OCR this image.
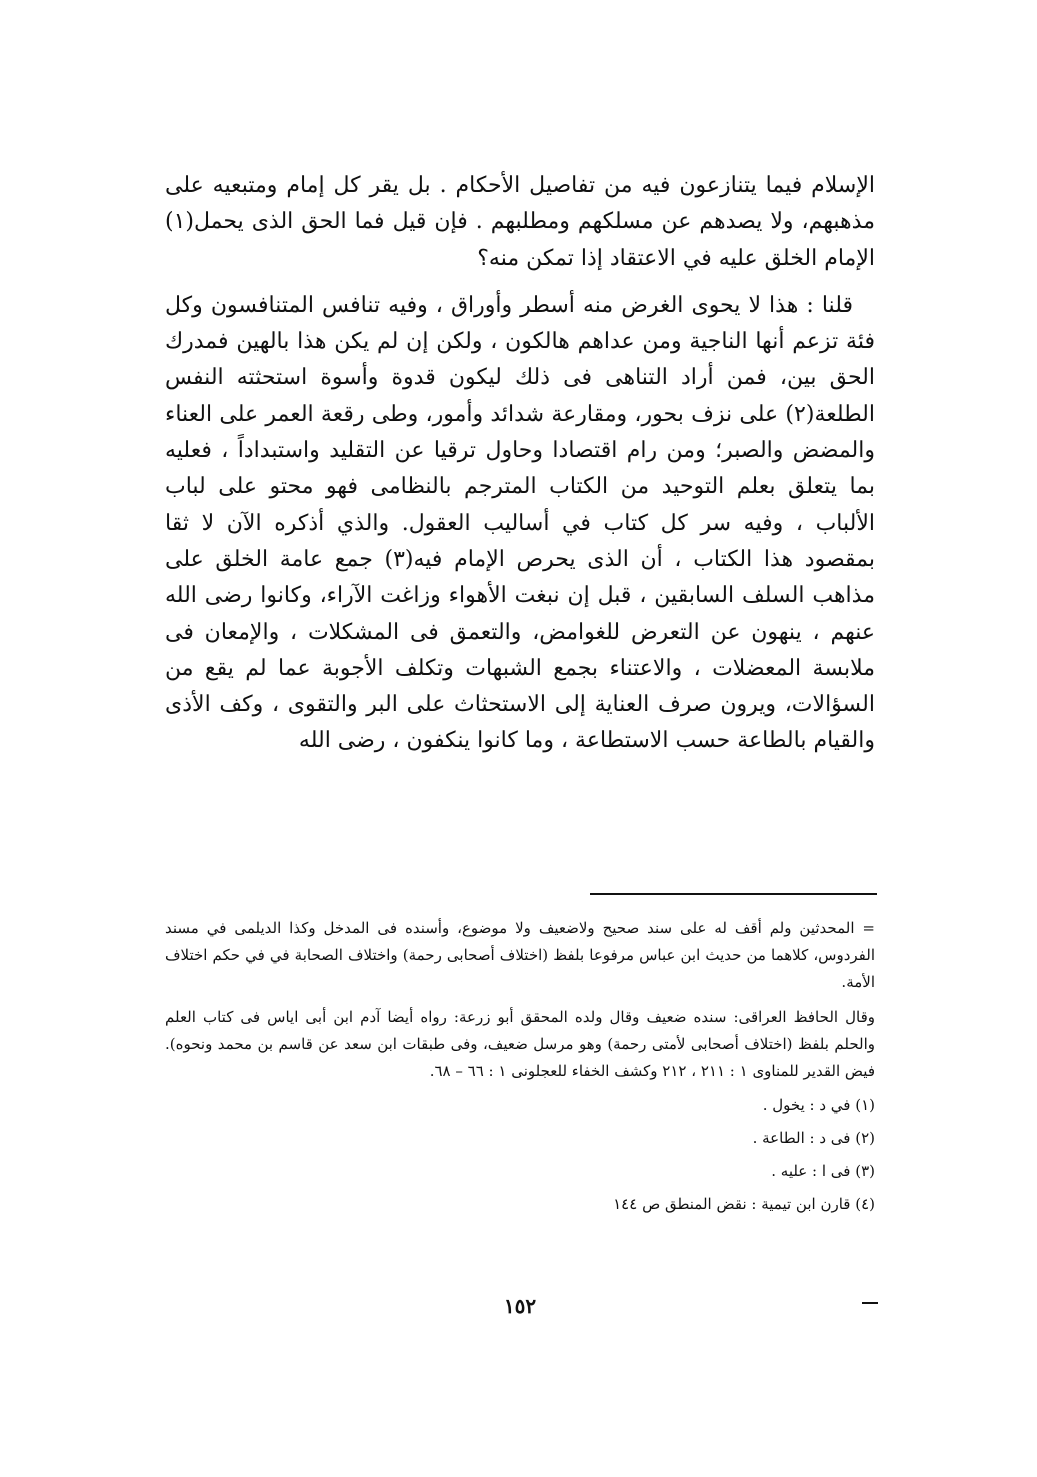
الإسلام فيما يتنازعون فيه من تفاصيل الأحكام . بل يقر كل إمام ومتبعيه على مذهبهم، ولا يصدهم عن مسلكهم ومطلبهم . فإن قيل فما الحق الذى يحمل(١) الإمام الخلق عليه في الاعتقاد إذا تمكن منه؟

قلنا : هذا لا يحوى الغرض منه أسطر وأوراق ، وفيه تنافس المتنافسون وكل فئة تزعم أنها الناجية ومن عداهم هالكون ، ولكن إن لم يكن هذا بالهين فمدرك الحق بين، فمن أراد التناهى فى ذلك ليكون قدوة وأسوة استحثته النفس الطلعة(٢) على نزف بحور، ومقارعة شدائد وأمور، وطى رقعة العمر على العناء والمضض والصبر؛ ومن رام اقتصادا وحاول ترقيا عن التقليد واستبداداً ، فعليه بما يتعلق بعلم التوحيد من الكتاب المترجم بالنظامى فهو محتو على لباب الألباب ، وفيه سر كل كتاب في أساليب العقول. والذي أذكره الآن لا ثقا بمقصود هذا الكتاب ، أن الذى يحرص الإمام فيه(٣) جمع عامة الخلق على مذاهب السلف السابقين ، قبل إن نبغت الأهواء وزاغت الآراء، وكانوا رضى الله عنهم ، ينهون عن التعرض للغوامض، والتعمق فى المشكلات ، والإمعان فى ملابسة المعضلات ، والاعتناء بجمع الشبهات وتكلف الأجوبة عما لم يقع من السؤالات، ويرون صرف العناية إلى الاستحثاث على البر والتقوى ، وكف الأذى والقيام بالطاعة حسب الاستطاعة ، وما كانوا ينكفون ، رضى الله

= المحدثين ولم أقف له على سند صحيح ولاضعيف ولا موضوع، وأسنده فى المدخل وكذا الديلمى في مسند الفردوس، كلاهما من حديث ابن عباس مرفوعا بلفظ (اختلاف أصحابى رحمة) واختلاف الصحابة في في حكم اختلاف الأمة.

وقال الحافظ العراقى: سنده ضعيف وقال ولده المحقق أبو زرعة: رواه أيضا آدم ابن أبى اياس فى كتاب العلم والحلم بلفظ (اختلاف أصحابى لأمتى رحمة) وهو مرسل ضعيف، وفى طبقات ابن سعد عن قاسم بن محمد ونحوه). فيض القدير للمناوى ١ : ٢١١ ، ٢١٢ وكشف الخفاء للعجلونى ١ : ٦٦ – ٦٨.

(١) في د : يخول .
(٢) فى د : الطاعة .
(٣) فى ا : عليه .
(٤) قارن ابن تيمية : نقض المنطق ص ١٤٤
١٥٢
